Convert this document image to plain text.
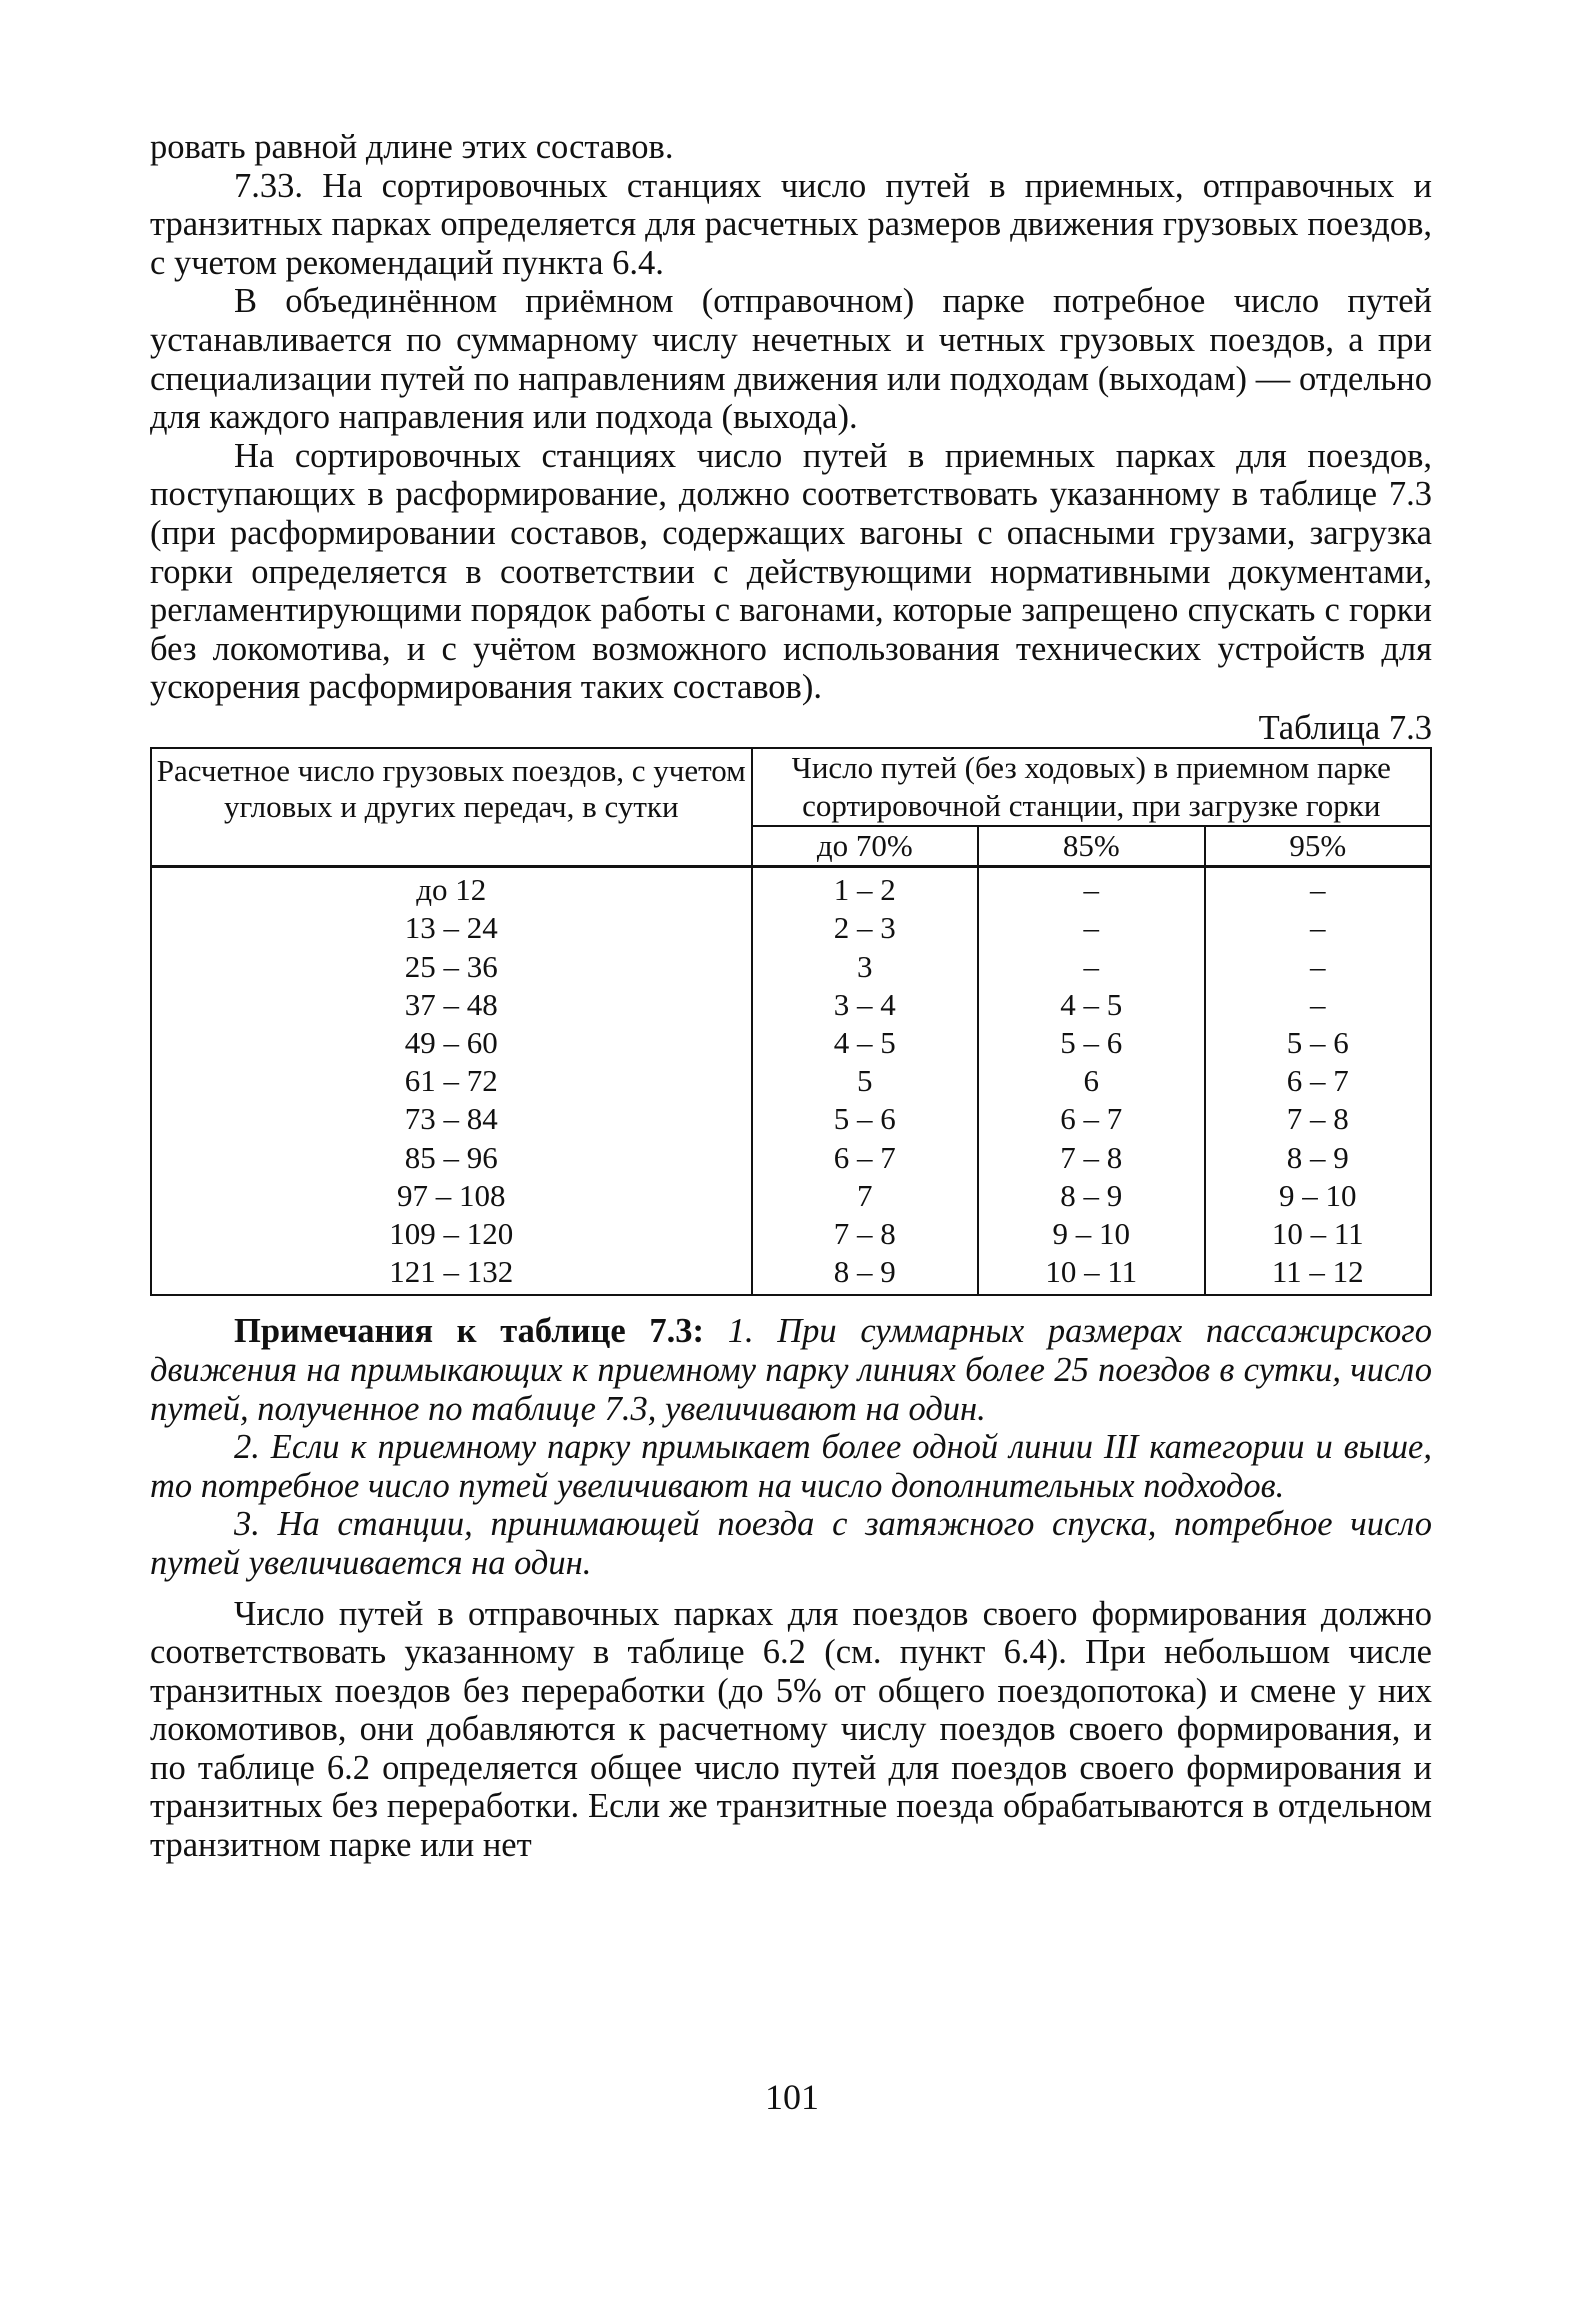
ровать равной длине этих составов.

7.33. На сортировочных станциях число путей в приемных, отправочных и транзитных парках определяется для расчетных размеров движения грузовых поездов, с учетом рекомендаций пункта 6.4.

В объединённом приёмном (отправочном) парке потребное число путей устанавливается по суммарному числу нечетных и четных грузовых поездов, а при специализации путей по направлениям движения или подходам (выходам) — отдельно для каждого направления или подхода (выхода).

На сортировочных станциях число путей в приемных парках для поездов, поступающих в расформирование, должно соответствовать указанному в таблице 7.3 (при расформировании составов, содержащих вагоны с опасными грузами, загрузка горки определяется в соответствии с действующими нормативными документами, регламентирующими порядок работы с вагонами, которые запрещено спускать с горки без локомотива, и с учётом возможного использования технических устройств для ускорения расформирования таких составов).

Таблица 7.3
Расчетное число грузовых поездов, с учетом угловых и других передач, в сутки	Число путей (без ходовых) в приемном парке сортировочной станции, при загрузке горки		
	до 70%	85%	95%
до 12	1 – 2	–	–
13 – 24	2 – 3	–	–
25 – 36	3	–	–
37 – 48	3 – 4	4 – 5	–
49 – 60	4 – 5	5 – 6	5 – 6
61 – 72	5	6	6 – 7
73 – 84	5 – 6	6 – 7	7 – 8
85 – 96	6 – 7	7 – 8	8 – 9
97 – 108	7	8 – 9	9 – 10
109 – 120	7 – 8	9 – 10	10 – 11
121 – 132	8 – 9	10 – 11	11 – 12

Примечания к таблице 7.3: 1. При суммарных размерах пассажирского движения на примыкающих к приемному парку линиях более 25 поездов в сутки, число путей, полученное по таблице 7.3, увеличивают на один.

2. Если к приемному парку примыкает более одной линии III категории и выше, то потребное число путей увеличивают на число дополнительных подходов.

3. На станции, принимающей поезда с затяжного спуска, потребное число путей увеличивается на один.

Число путей в отправочных парках для поездов своего формирования должно соответствовать указанному в таблице 6.2 (см. пункт 6.4). При небольшом числе транзитных поездов без переработки (до 5% от общего поездопотока) и смене у них локомотивов, они добавляются к расчетному числу поездов своего формирования, и по таблице 6.2 определяется общее число путей для поездов своего формирования и транзитных без переработки. Если же транзитные поезда обрабатываются в отдельном транзитном парке или нет

101
